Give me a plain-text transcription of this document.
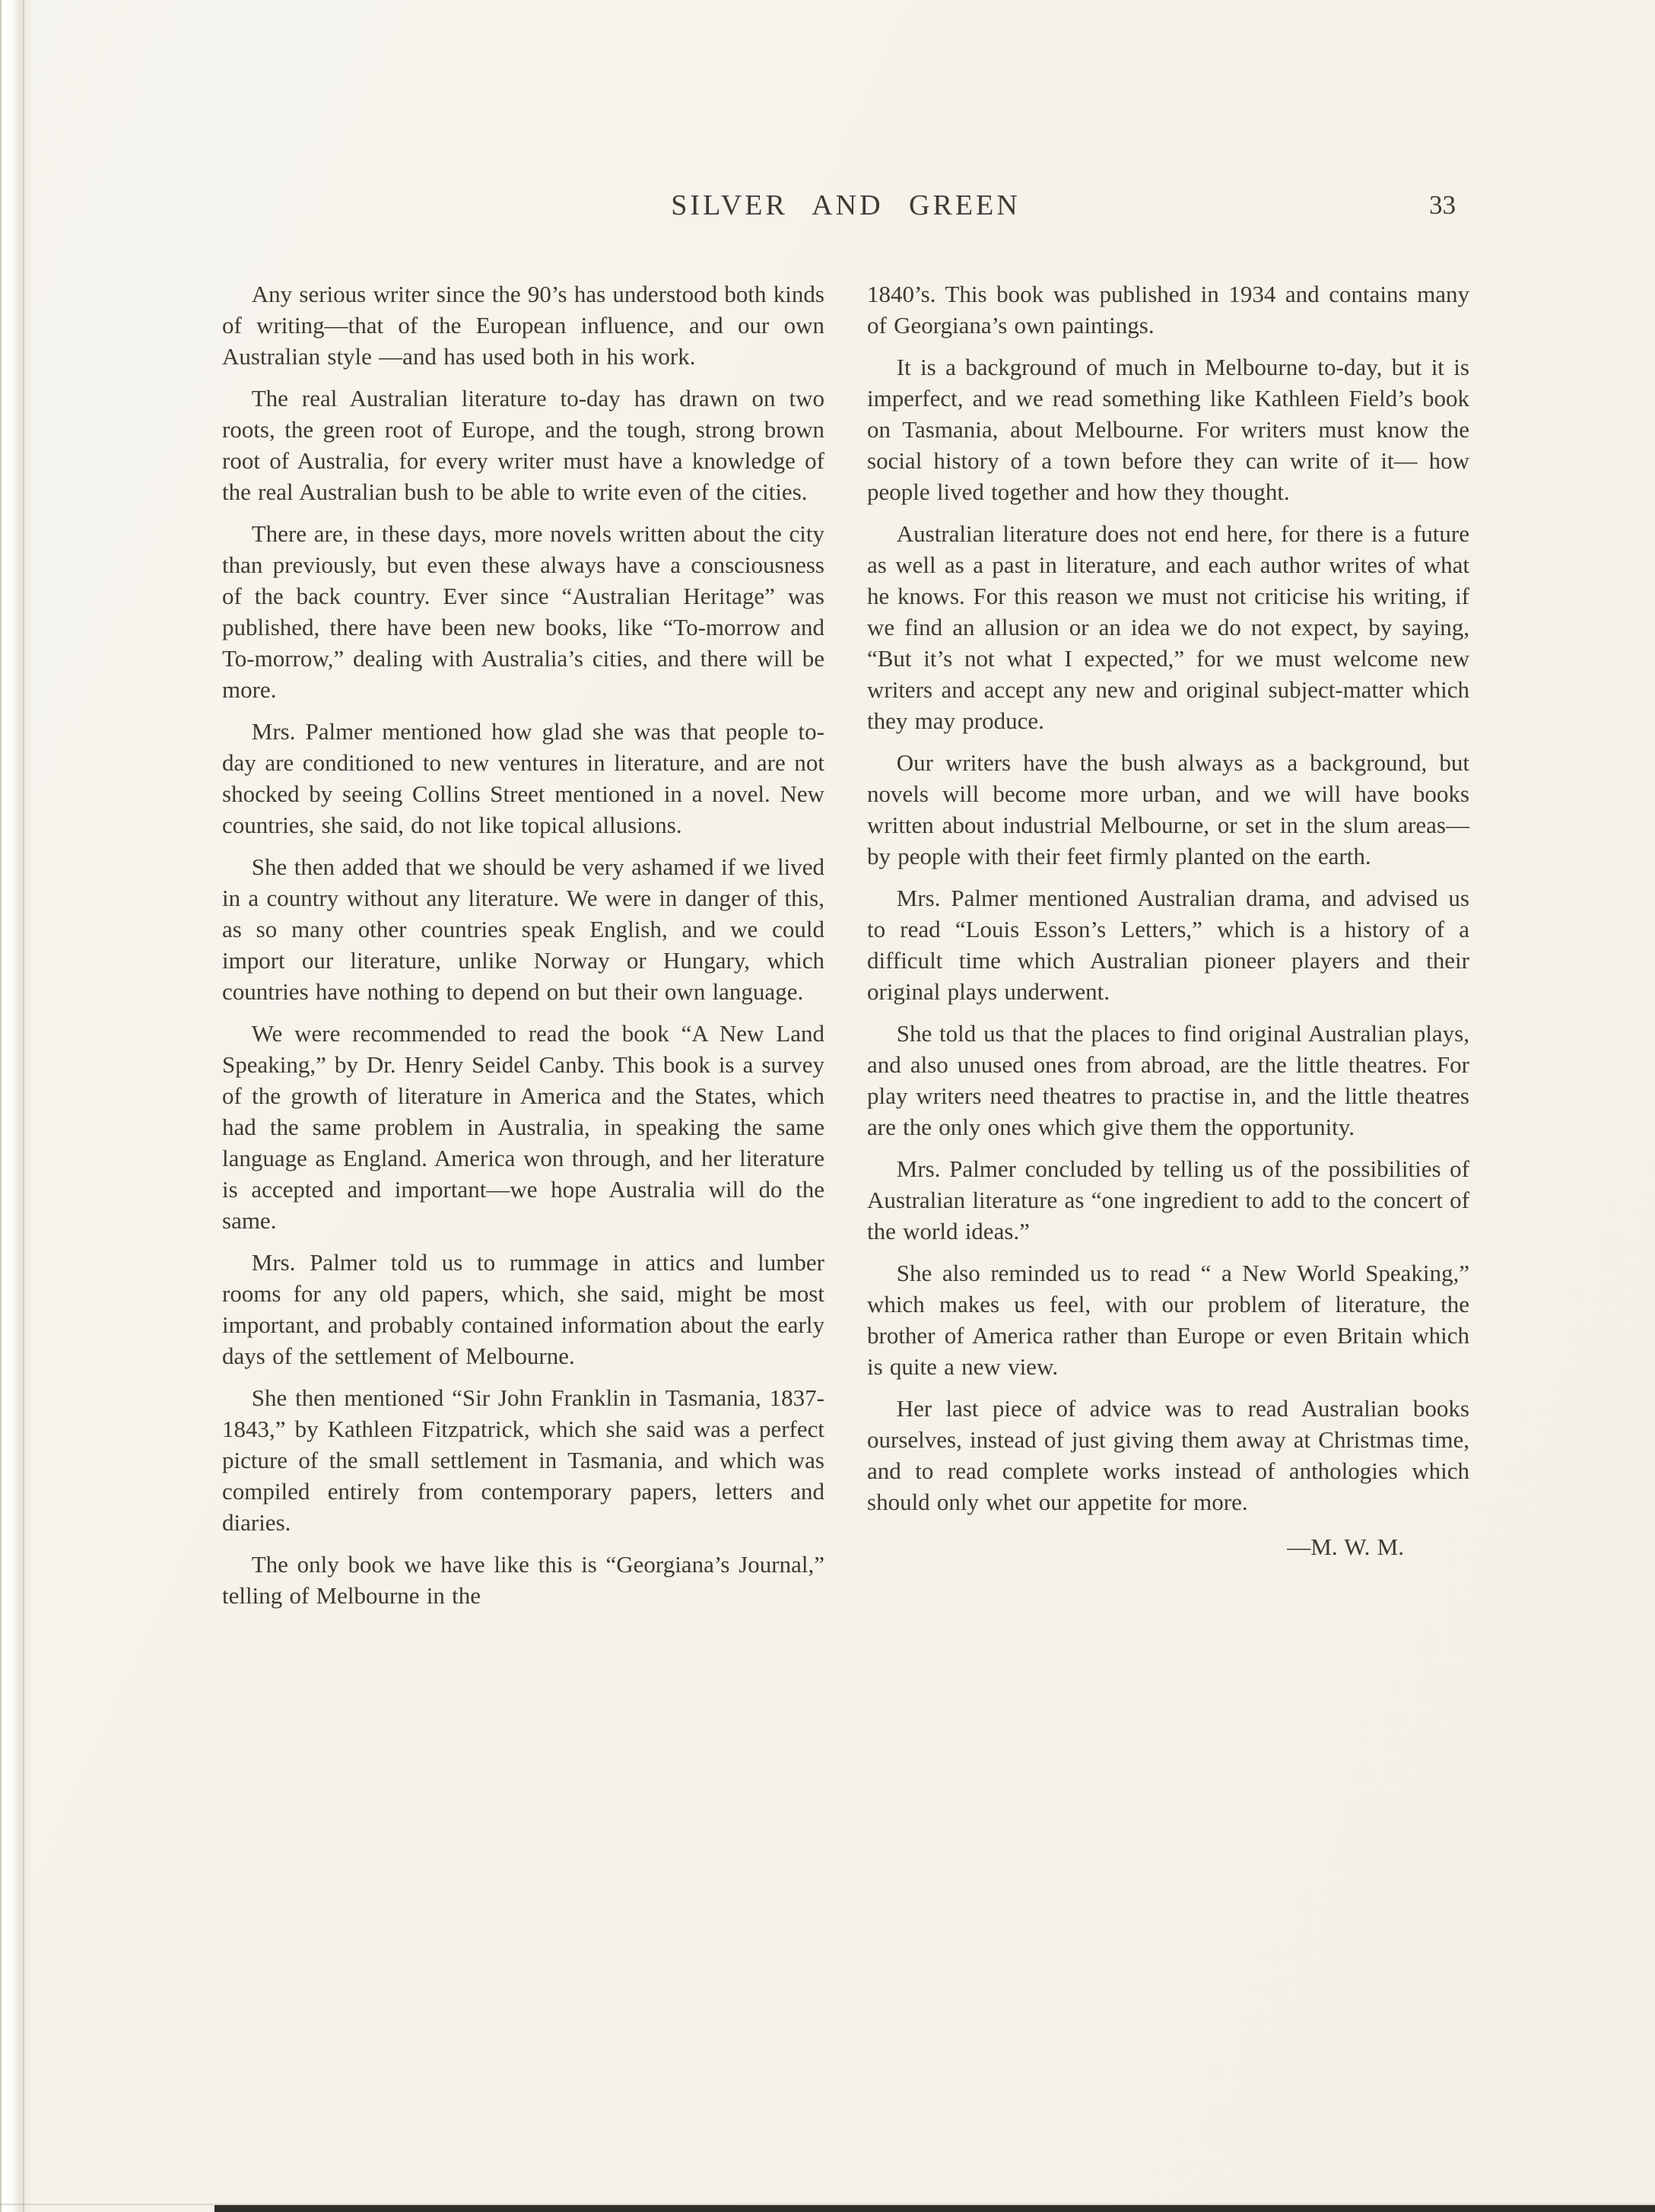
SILVER AND GREEN	33

Any serious writer since the 90’s has understood both kinds of writing—that of the European influence, and our own Australian style —and has used both in his work.

The real Australian literature to-day has drawn on two roots, the green root of Europe, and the tough, strong brown root of Australia, for every writer must have a knowledge of the real Australian bush to be able to write even of the cities.

There are, in these days, more novels written about the city than previously, but even these always have a consciousness of the back country. Ever since “Australian Heritage” was published, there have been new books, like “To-morrow and To-morrow,” dealing with Australia’s cities, and there will be more.

Mrs. Palmer mentioned how glad she was that people to-day are conditioned to new ventures in literature, and are not shocked by seeing Collins Street mentioned in a novel. New countries, she said, do not like topical allusions.

She then added that we should be very ashamed if we lived in a country without any literature. We were in danger of this, as so many other countries speak English, and we could import our literature, unlike Norway or Hungary, which countries have nothing to depend on but their own language.

We were recommended to read the book “A New Land Speaking,” by Dr. Henry Seidel Canby. This book is a survey of the growth of literature in America and the States, which had the same problem in Australia, in speaking the same language as England. America won through, and her literature is accepted and important—we hope Australia will do the same.

Mrs. Palmer told us to rummage in attics and lumber rooms for any old papers, which, she said, might be most important, and probably contained information about the early days of the settlement of Melbourne.

She then mentioned “Sir John Franklin in Tasmania, 1837-1843,” by Kathleen Fitzpatrick, which she said was a perfect picture of the small settlement in Tasmania, and which was compiled entirely from contemporary papers, letters and diaries.

The only book we have like this is “Georgiana’s Journal,” telling of Melbourne in the

1840’s. This book was published in 1934 and contains many of Georgiana’s own paintings.

It is a background of much in Melbourne to-day, but it is imperfect, and we read something like Kathleen Field’s book on Tasmania, about Melbourne. For writers must know the social history of a town before they can write of it— how people lived together and how they thought.

Australian literature does not end here, for there is a future as well as a past in literature, and each author writes of what he knows. For this reason we must not criticise his writing, if we find an allusion or an idea we do not expect, by saying, “But it’s not what I expected,” for we must welcome new writers and accept any new and original subject-matter which they may produce.

Our writers have the bush always as a background, but novels will become more urban, and we will have books written about industrial Melbourne, or set in the slum areas—by people with their feet firmly planted on the earth.

Mrs. Palmer mentioned Australian drama, and advised us to read “Louis Esson’s Letters,” which is a history of a difficult time which Australian pioneer players and their original plays underwent.

She told us that the places to find original Australian plays, and also unused ones from abroad, are the little theatres. For play writers need theatres to practise in, and the little theatres are the only ones which give them the opportunity.

Mrs. Palmer concluded by telling us of the possibilities of Australian literature as “one ingredient to add to the concert of the world ideas.”

She also reminded us to read “ a New World Speaking,” which makes us feel, with our problem of literature, the brother of America rather than Europe or even Britain which is quite a new view.

Her last piece of advice was to read Australian books ourselves, instead of just giving them away at Christmas time, and to read complete works instead of anthologies which should only whet our appetite for more.

—M. W. M.
